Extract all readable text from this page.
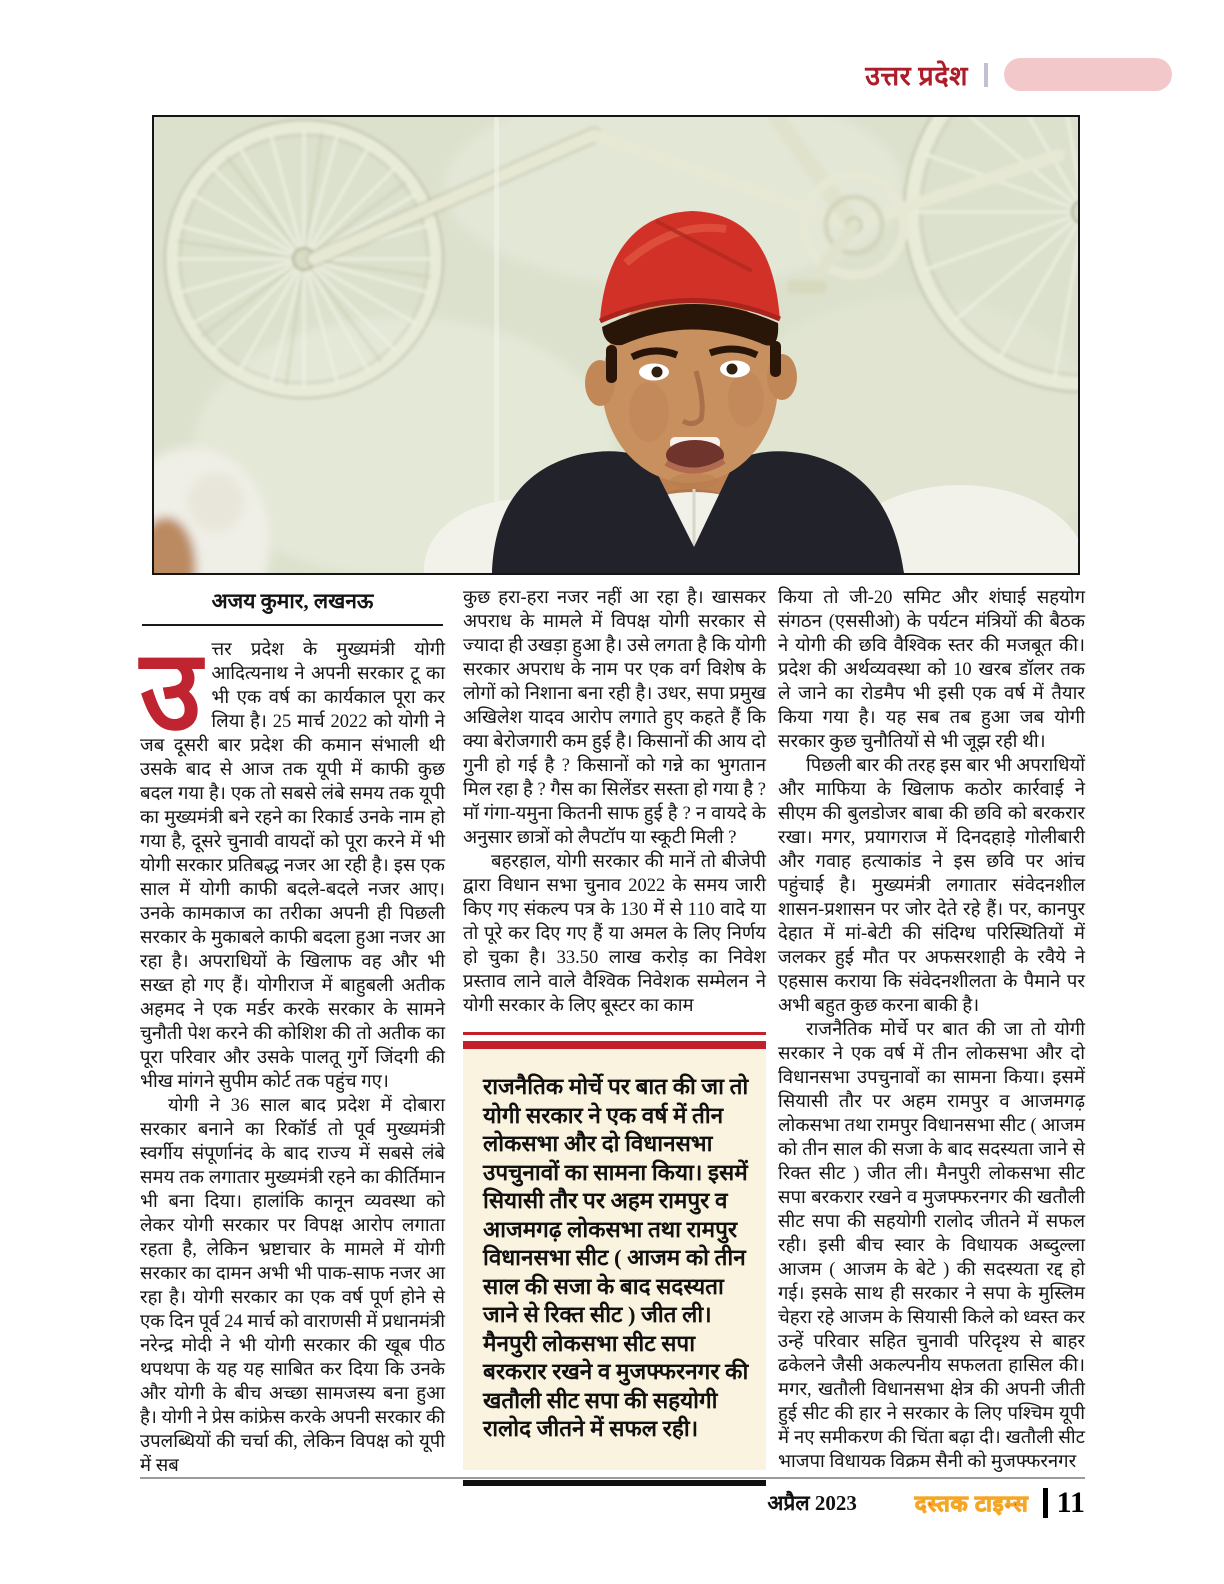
उत्तर प्रदेश
अजय कुमार, लखनऊ

उत्तर प्रदेश के मुख्यमंत्री योगी आदित्यनाथ ने अपनी सरकार टू का भी एक वर्ष का कार्यकाल पूरा कर लिया है। 25 मार्च 2022 को योगी ने जब दूसरी बार प्रदेश की कमान संभाली थी उसके बाद से आज तक यूपी में काफी कुछ बदल गया है। एक तो सबसे लंबे समय तक यूपी का मुख्यमंत्री बने रहने का रिकार्ड उनके नाम हो गया है, दूसरे चुनावी वायदों को पूरा करने में भी योगी सरकार प्रतिबद्ध नजर आ रही है। इस एक साल में योगी काफी बदले-बदले नजर आए। उनके कामकाज का तरीका अपनी ही पिछली सरकार के मुकाबले काफी बदला हुआ नजर आ रहा है। अपराधियों के खिलाफ वह और भी सख्त हो गए हैं। योगीराज में बाहुबली अतीक अहमद ने एक मर्डर करके सरकार के सामने चुनौती पेश करने की कोशिश की तो अतीक का पूरा परिवार और उसके पालतू गुर्गे जिंदगी की भीख मांगने सुपीम कोर्ट तक पहुंच गए।

योगी ने 36 साल बाद प्रदेश में दोबारा सरकार बनाने का रिकॉर्ड तो पूर्व मुख्यमंत्री स्वर्गीय संपूर्णानंद के बाद राज्य में सबसे लंबे समय तक लगातार मुख्यमंत्री रहने का कीर्तिमान भी बना दिया। हालांकि कानून व्यवस्था को लेकर योगी सरकार पर विपक्ष आरोप लगाता रहता है, लेकिन भ्रष्टाचार के मामले में योगी सरकार का दामन अभी भी पाक-साफ नजर आ रहा है। योगी सरकार का एक वर्ष पूर्ण होने से एक दिन पूर्व 24 मार्च को वाराणसी में प्रधानमंत्री नरेन्द्र मोदी ने भी योगी सरकार की खूब पीठ थपथपा के यह यह साबित कर दिया कि उनके और योगी के बीच अच्छा सामजस्य बना हुआ है। योगी ने प्रेस कांफ्रेस करके अपनी सरकार की उपलब्धियों की चर्चा की, लेकिन विपक्ष को यूपी में सब

कुछ हरा-हरा नजर नहीं आ रहा है। खासकर अपराध के मामले में विपक्ष योगी सरकार से ज्यादा ही उखड़ा हुआ है। उसे लगता है कि योगी सरकार अपराध के नाम पर एक वर्ग विशेष के लोगों को निशाना बना रही है। उधर, सपा प्रमुख अखिलेश यादव आरोप लगाते हुए कहते हैं कि क्या बेरोजगारी कम हुई है। किसानों की आय दो गुनी हो गई है ? किसानों को गन्ने का भुगतान मिल रहा है ? गैस का सिलेंडर सस्ता हो गया है ? मॉ गंगा-यमुना कितनी साफ हुई है ? न वायदे के अनुसार छात्रों को लैपटॉप या स्कूटी मिली ?

बहरहाल, योगी सरकार की मानें तो बीजेपी द्वारा विधान सभा चुनाव 2022 के समय जारी किए गए संकल्प पत्र के 130 में से 110 वादे या तो पूरे कर दिए गए हैं या अमल के लिए निर्णय हो चुका है। 33.50 लाख करोड़ का निवेश प्रस्ताव लाने वाले वैश्विक निवेशक सम्मेलन ने योगी सरकार के लिए बूस्टर का काम

राजनैतिक मोर्चे पर बात की जा तो योगी सरकार ने एक वर्ष में तीन लोकसभा और दो विधानसभा उपचुनावों का सामना किया। इसमें सियासी तौर पर अहम रामपुर व आजमगढ़ लोकसभा तथा रामपुर विधानसभा सीट ( आजम को तीन साल की सजा के बाद सदस्यता जाने से रिक्त सीट ) जीत ली। मैनपुरी लोकसभा सीट सपा बरकरार रखने व मुजफ्फरनगर की खतौली सीट सपा की सहयोगी रालोद जीतने में सफल रही।

किया तो जी-20 समिट और शंघाई सहयोग संगठन (एससीओ) के पर्यटन मंत्रियों की बैठक ने योगी की छवि वैश्विक स्तर की मजबूत की। प्रदेश की अर्थव्यवस्था को 10 खरब डॉलर तक ले जाने का रोडमैप भी इसी एक वर्ष में तैयार किया गया है। यह सब तब हुआ जब योगी सरकार कुछ चुनौतियों से भी जूझ रही थी।

पिछली बार की तरह इस बार भी अपराधियों और माफिया के खिलाफ कठोर कार्रवाई ने सीएम की बुलडोजर बाबा की छवि को बरकरार रखा। मगर, प्रयागराज में दिनदहाड़े गोलीबारी और गवाह हत्याकांड ने इस छवि पर आंच पहुंचाई है। मुख्यमंत्री लगातार संवेदनशील शासन-प्रशासन पर जोर देते रहे हैं। पर, कानपुर देहात में मां-बेटी की संदिग्ध परिस्थितियों में जलकर हुई मौत पर अफसरशाही के रवैये ने एहसास कराया कि संवेदनशीलता के पैमाने पर अभी बहुत कुछ करना बाकी है।

राजनैतिक मोर्चे पर बात की जा तो योगी सरकार ने एक वर्ष में तीन लोकसभा और दो विधानसभा उपचुनावों का सामना किया। इसमें सियासी तौर पर अहम रामपुर व आजमगढ़ लोकसभा तथा रामपुर विधानसभा सीट ( आजम को तीन साल की सजा के बाद सदस्यता जाने से रिक्त सीट ) जीत ली। मैनपुरी लोकसभा सीट सपा बरकरार रखने व मुजफ्फरनगर की खतौली सीट सपा की सहयोगी रालोद जीतने में सफल रही। इसी बीच स्वार के विधायक अब्दुल्ला आजम ( आजम के बेटे ) की सदस्यता रद्द हो गई। इसके साथ ही सरकार ने सपा के मुस्लिम चेहरा रहे आजम के सियासी किले को ध्वस्त कर उन्हें परिवार सहित चुनावी परिदृश्य से बाहर ढकेलने जैसी अकल्पनीय सफलता हासिल की। मगर, खतौली विधानसभा क्षेत्र की अपनी जीती हुई सीट की हार ने सरकार के लिए पश्चिम यूपी में नए समीकरण की चिंता बढ़ा दी। खतौली सीट भाजपा विधायक विक्रम सैनी को मुजफ्फरनगर

अप्रैल 2023	दस्तक टाइम्स 11
